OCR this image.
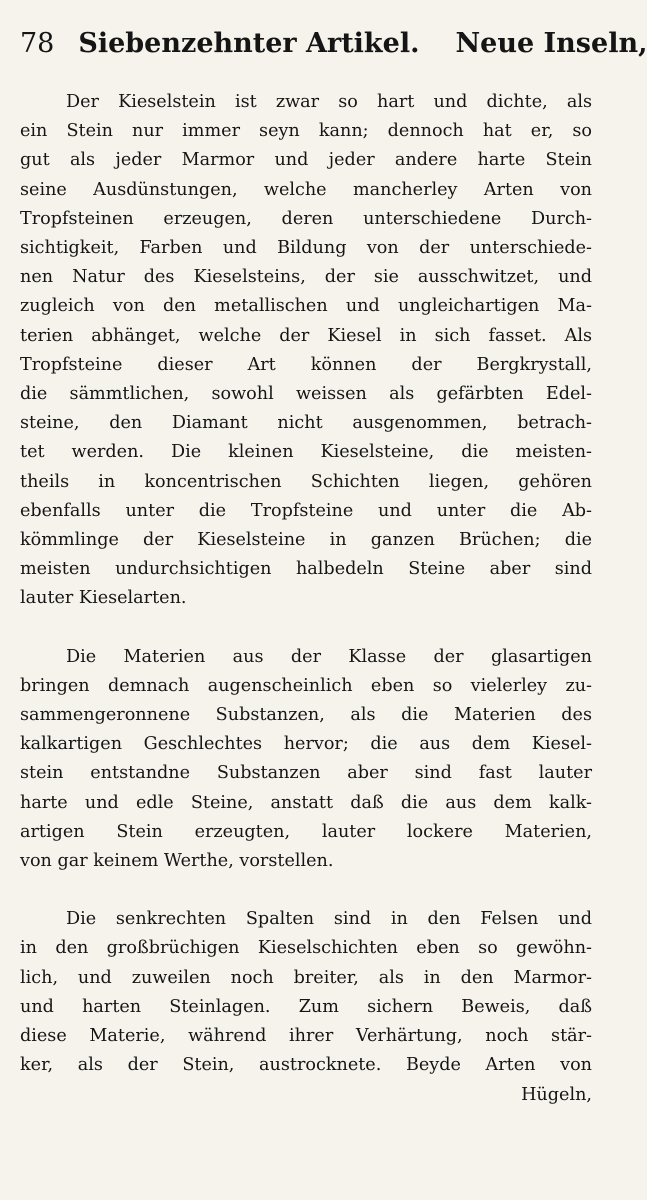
78 Siebenzehnter Artikel. Neue Inseln,

Der Kieselstein ist zwar so hart und dichte, als
ein Stein nur immer seyn kann; dennoch hat er, so
gut als jeder Marmor und jeder andere harte Stein
seine Ausdünstungen, welche mancherley Arten von
Tropfsteinen erzeugen, deren unterschiedene Durch-
sichtigkeit, Farben und Bildung von der unterschiede-
nen Natur des Kieselsteins, der sie ausschwitzet, und
zugleich von den metallischen und ungleichartigen Ma-
terien abhänget, welche der Kiesel in sich fasset. Als
Tropfsteine dieser Art können der Bergkrystall,
die sämmtlichen, sowohl weissen als gefärbten Edel-
steine, den Diamant nicht ausgenommen, betrach-
tet werden. Die kleinen Kieselsteine, die meisten-
theils in koncentrischen Schichten liegen, gehören
ebenfalls unter die Tropfsteine und unter die Ab-
kömmlinge der Kieselsteine in ganzen Brüchen; die
meisten undurchsichtigen halbedeln Steine aber sind
lauter Kieselarten.

Die Materien aus der Klasse der glasartigen
bringen demnach augenscheinlich eben so vielerley zu-
sammengeronnene Substanzen, als die Materien des
kalkartigen Geschlechtes hervor; die aus dem Kiesel-
stein entstandne Substanzen aber sind fast lauter
harte und edle Steine, anstatt daß die aus dem kalk-
artigen Stein erzeugten, lauter lockere Materien,
von gar keinem Werthe, vorstellen.

Die senkrechten Spalten sind in den Felsen und
in den großbrüchigen Kieselschichten eben so gewöhn-
lich, und zuweilen noch breiter, als in den Marmor-
und harten Steinlagen. Zum sichern Beweis, daß
diese Materie, während ihrer Verhärtung, noch stär-
ker, als der Stein, austrocknete. Beyde Arten von

Hügeln,
